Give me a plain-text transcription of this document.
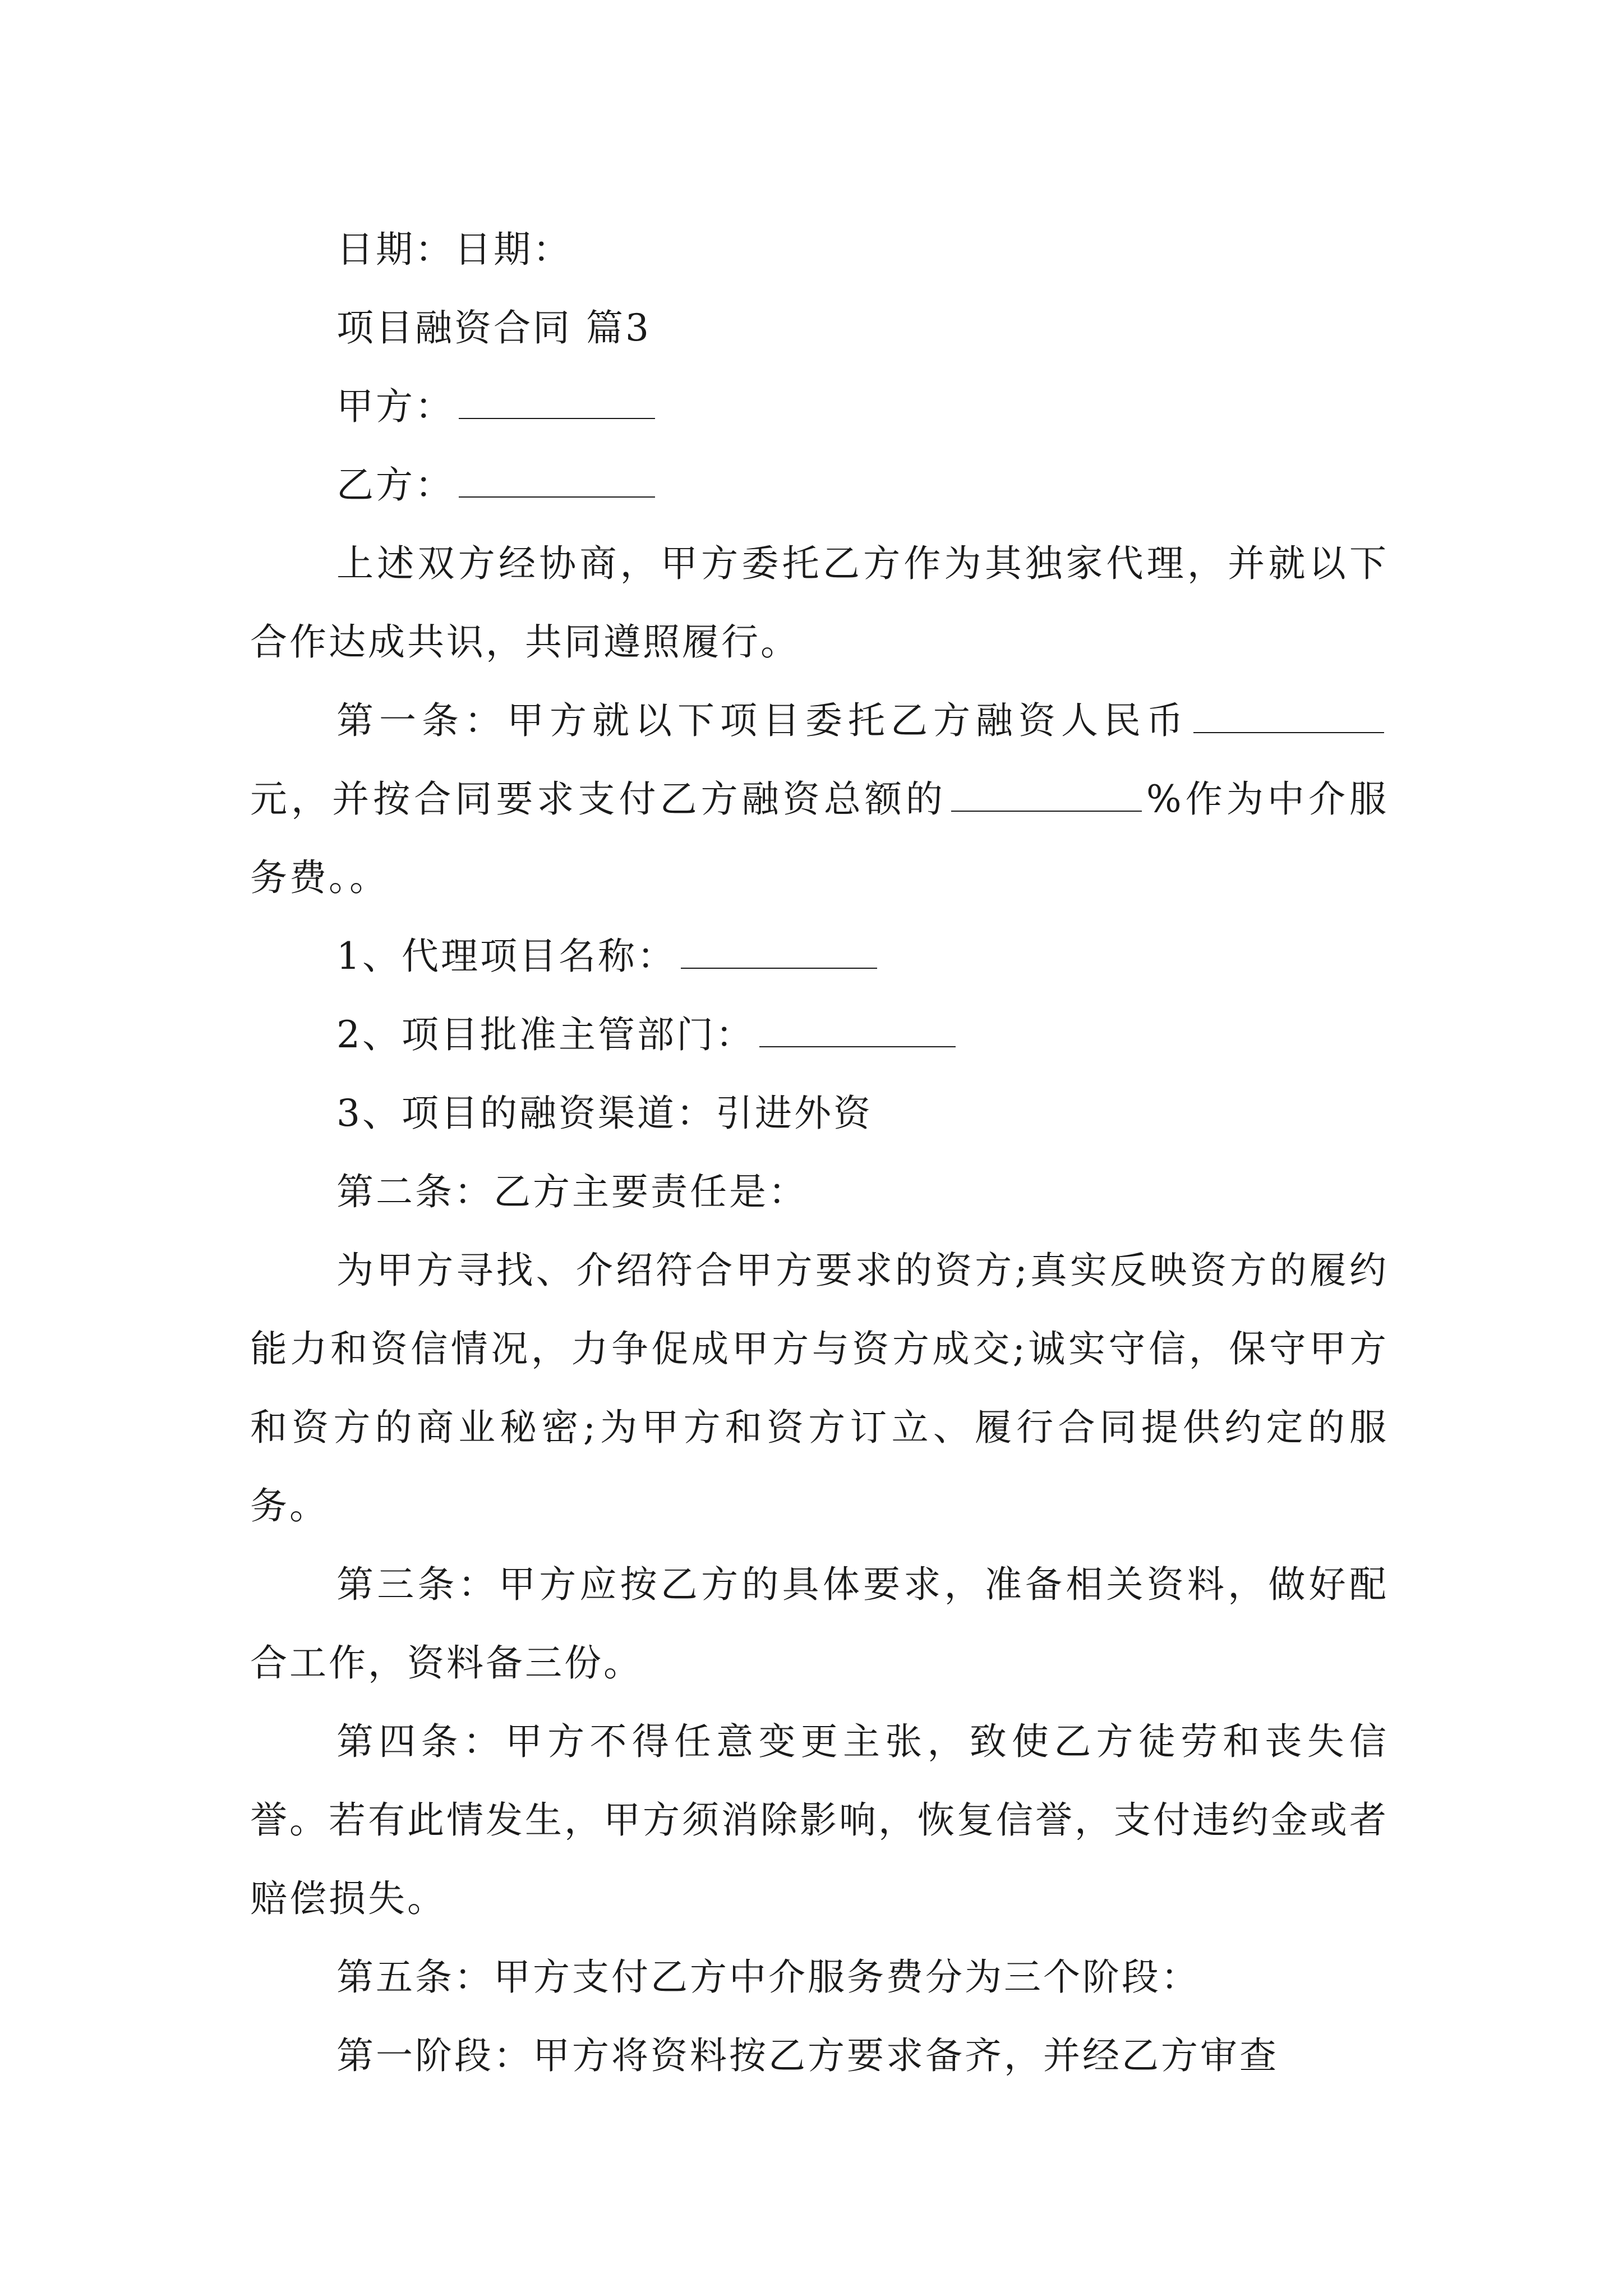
日期：日期：
项目融资合同 篇3
甲方：
乙方：
上述双方经协商，甲方委托乙方作为其独家代理，并就以下合作达成共识，共同遵照履行。
第一条：甲方就以下项目委托乙方融资人民币元，并按合同要求支付乙方融资总额的	%作为中介服务费。。
1、代理项目名称：
2、项目批准主管部门：
3、项目的融资渠道：引进外资
第二条：乙方主要责任是：
为甲方寻找、介绍符合甲方要求的资方;真实反映资方的履约能力和资信情况，力争促成甲方与资方成交;诚实守信，保守甲方和资方的商业秘密;为甲方和资方订立、履行合同提供约定的服务。
第三条：甲方应按乙方的具体要求，准备相关资料，做好配合工作，资料备三份。
第四条：甲方不得任意变更主张，致使乙方徒劳和丧失信誉。若有此情发生，甲方须消除影响，恢复信誉，支付违约金或者赔偿损失。
第五条：甲方支付乙方中介服务费分为三个阶段：
第一阶段：甲方将资料按乙方要求备齐，并经乙方审查
